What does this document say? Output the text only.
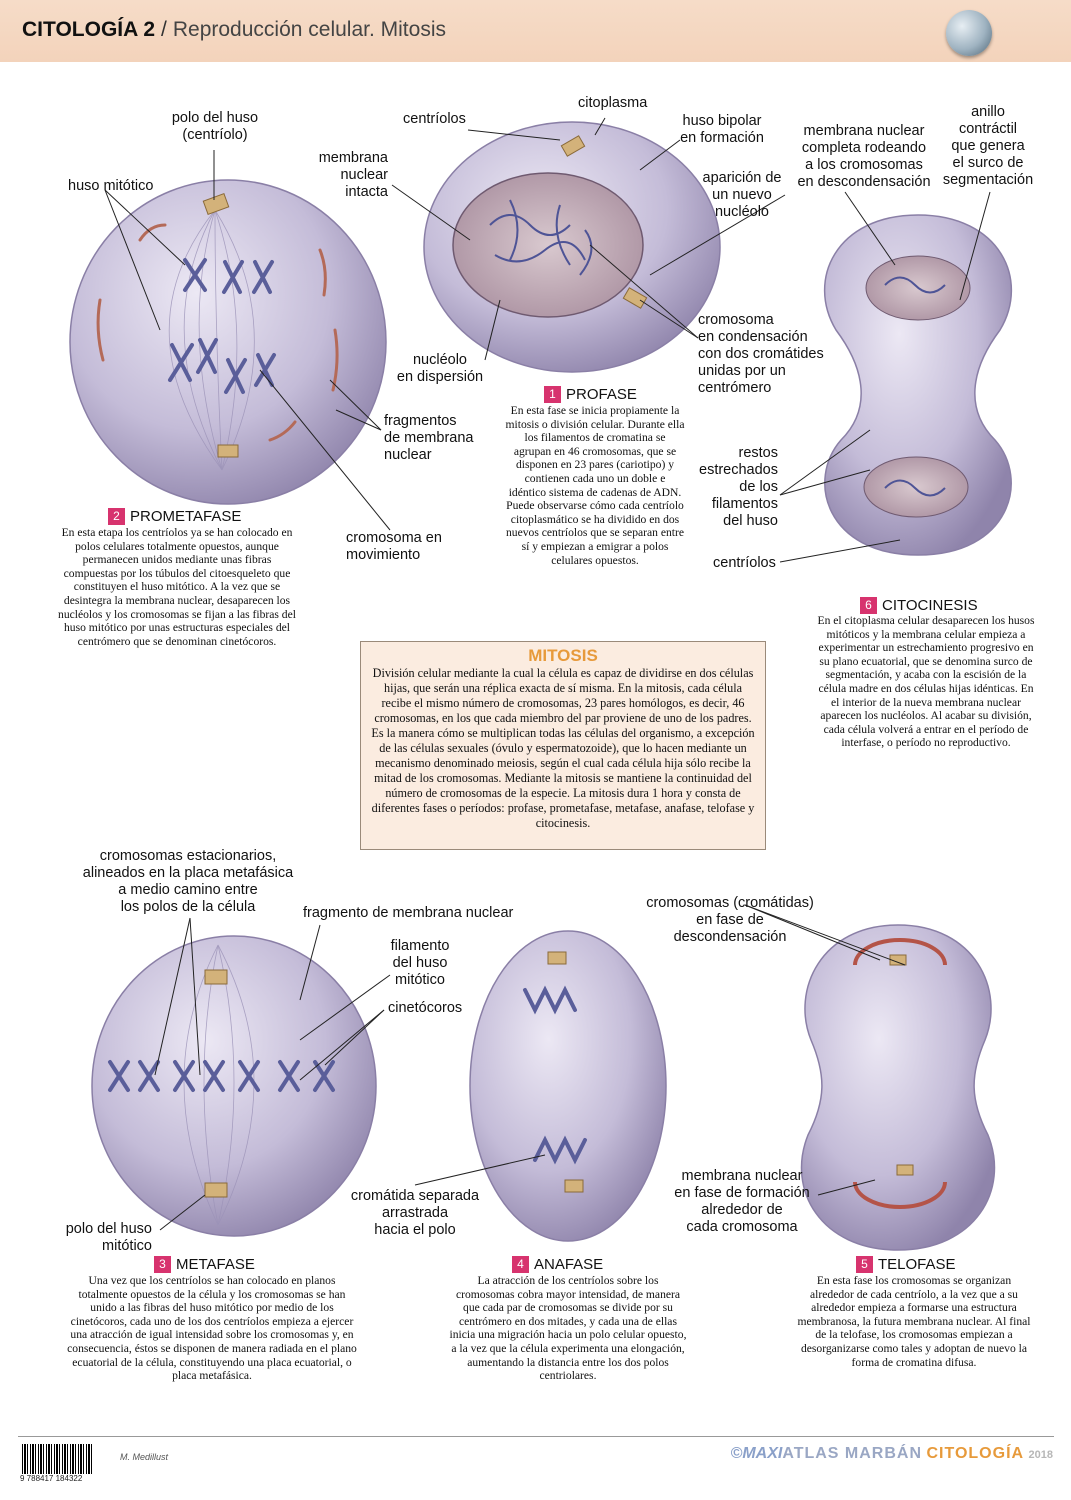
CITOLOGÍA 2 / Reproducción celular. Mitosis
polo del huso
(centríolo)
huso mitótico
membrana
nuclear
intacta
centríolos
citoplasma
huso bipolar
en formación
aparición de
un nuevo
nucléolo
membrana nuclear
completa rodeando
a los cromosomas
en descondensación
anillo
contráctil
que genera
el surco de
segmentación
cromosoma
en condensación
con dos cromátides
unidas por un
centrómero
nucléolo
en dispersión
fragmentos
de membrana
nuclear	restos
estrechados
de los
filamentos
del huso
cromosoma en
movimiento	centríolos
cromosomas estacionarios,
alineados en la placa metafásica
a medio camino entre
los polos de la célula	fragmento de membrana nuclear
filamento
del huso
mitótico
cinetócoros
cromosomas (cromátidas)
en fase de
descondensación
membrana nuclear
en fase de formación
alrededor de
cada cromosoma
cromátida separada
arrastrada
hacia el polo
polo del huso
mitótico
1 PROFASE
En esta fase se inicia propiamente la mitosis o división celular. Durante ella los filamentos de cromatina se agrupan en 46 cromosomas, que se disponen en 23 pares (cariotipo) y contienen cada uno un doble e idéntico sistema de cadenas de ADN. Puede observarse cómo cada centríolo citoplasmático se ha dividido en dos nuevos centríolos que se separan entre sí y empiezan a emigrar a polos celulares opuestos.
2 PROMETAFASE
En esta etapa los centríolos ya se han colocado en polos celulares totalmente opuestos, aunque permanecen unidos mediante unas fibras compuestas por los túbulos del citoesqueleto que constituyen el huso mitótico. A la vez que se desintegra la membrana nuclear, desaparecen los nucléolos y los cromosomas se fijan a las fibras del huso mitótico por unas estructuras especiales del centrómero que se denominan cinetócoros.
3 METAFASE
Una vez que los centríolos se han colocado en planos totalmente opuestos de la célula y los cromosomas se han unido a las fibras del huso mitótico por medio de los cinetócoros, cada uno de los dos centríolos empieza a ejercer una atracción de igual intensidad sobre los cromosomas y, en consecuencia, éstos se disponen de manera radiada en el plano ecuatorial de la célula, constituyendo una placa ecuatorial, o placa metafásica.
4 ANAFASE
La atracción de los centríolos sobre los cromosomas cobra mayor intensidad, de manera que cada par de cromosomas se divide por su centrómero en dos mitades, y cada una de ellas inicia una migración hacia un polo celular opuesto, a la vez que la célula experimenta una elongación, aumentando la distancia entre los dos polos centriolares.
5 TELOFASE
En esta fase los cromosomas se organizan alrededor de cada centríolo, a la vez que a su alrededor empieza a formarse una estructura membranosa, la futura membrana nuclear. Al final de la telofase, los cromosomas empiezan a desorganizarse como tales y adoptan de nuevo la forma de cromatina difusa.
6 CITOCINESIS
En el citoplasma celular desaparecen los husos mitóticos y la membrana celular empieza a experimentar un estrechamiento progresivo en su plano ecuatorial, que se denomina surco de segmentación, y acaba con la escisión de la célula madre en dos células hijas idénticas. En el interior de la nueva membrana nuclear aparecen los nucléolos. Al acabar su división, cada célula volverá a entrar en el período de interfase, o período no reproductivo.
MITOSIS
División celular mediante la cual la célula es capaz de dividirse en dos células hijas, que serán una réplica exacta de sí misma. En la mitosis, cada célula recibe el mismo número de cromosomas, 23 pares homólogos, es decir, 46 cromosomas, en los que cada miembro del par proviene de uno de los padres. Es la manera cómo se multiplican todas las células del organismo, a excepción de las células sexuales (óvulo y espermatozoide), que lo hacen mediante un mecanismo denominado meiosis, según el cual cada célula hija sólo recibe la mitad de los cromosomas. Mediante la mitosis se mantiene la continuidad del número de cromosomas de la especie. La mitosis dura 1 hora y consta de diferentes fases o períodos: profase, prometafase, metafase, anafase, telofase y citocinesis.
9 788417 184322
M. Medillust	©MAXIATLAS MARBÁN CITOLOGÍA 2018
